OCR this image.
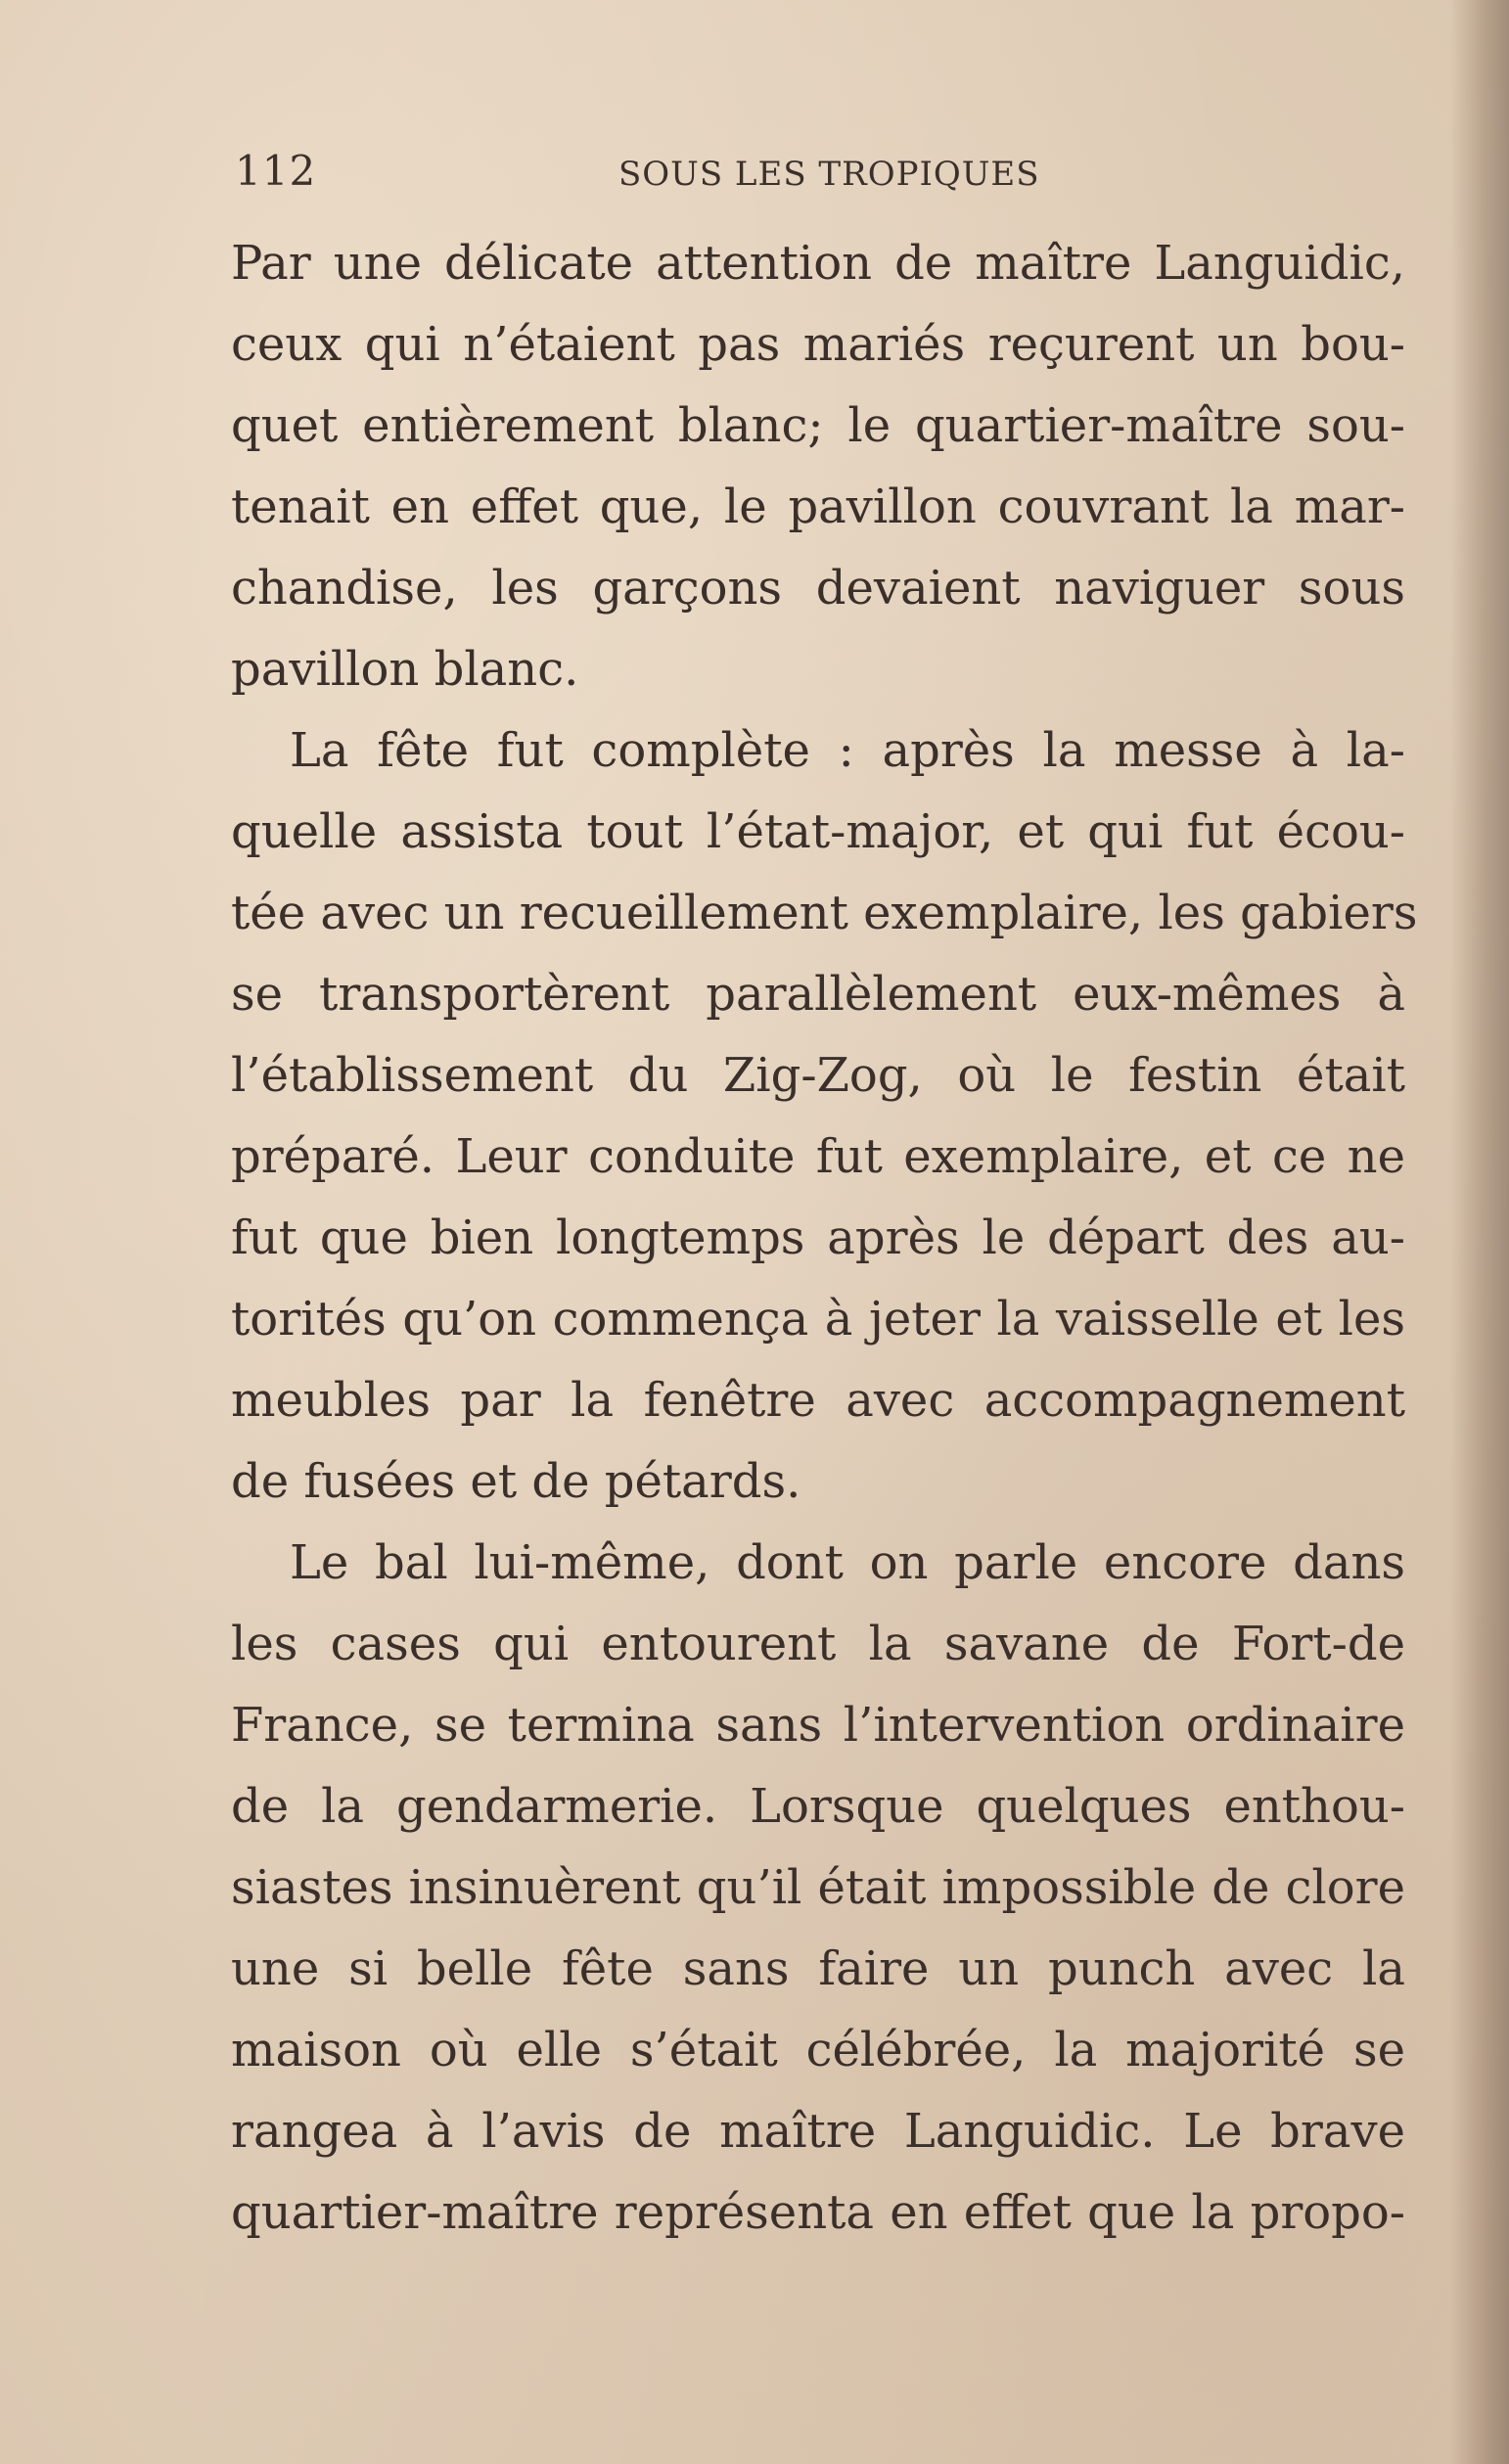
112	SOUS LES TROPIQUES
Par une délicate attention de maître Languidic,
ceux qui n’étaient pas mariés reçurent un bou-
quet entièrement blanc; le quartier-maître sou-
tenait en effet que, le pavillon couvrant la mar-
chandise, les garçons devaient naviguer sous
pavillon blanc.
La fête fut complète : après la messe à la-
quelle assista tout l’état-major, et qui fut écou-
tée avec un recueillement exemplaire, les gabiers
se transportèrent parallèlement eux-mêmes à
l’établissement du Zig-Zog, où le festin était
préparé. Leur conduite fut exemplaire, et ce ne
fut que bien longtemps après le départ des au-
torités qu’on commença à jeter la vaisselle et les
meubles par la fenêtre avec accompagnement
de fusées et de pétards.
Le bal lui-même, dont on parle encore dans
les cases qui entourent la savane de Fort-de
France, se termina sans l’intervention ordinaire
de la gendarmerie. Lorsque quelques enthou-
siastes insinuèrent qu’il était impossible de clore
une si belle fête sans faire un punch avec la
maison où elle s’était célébrée, la majorité se
rangea à l’avis de maître Languidic. Le brave
quartier-maître représenta en effet que la propo-
